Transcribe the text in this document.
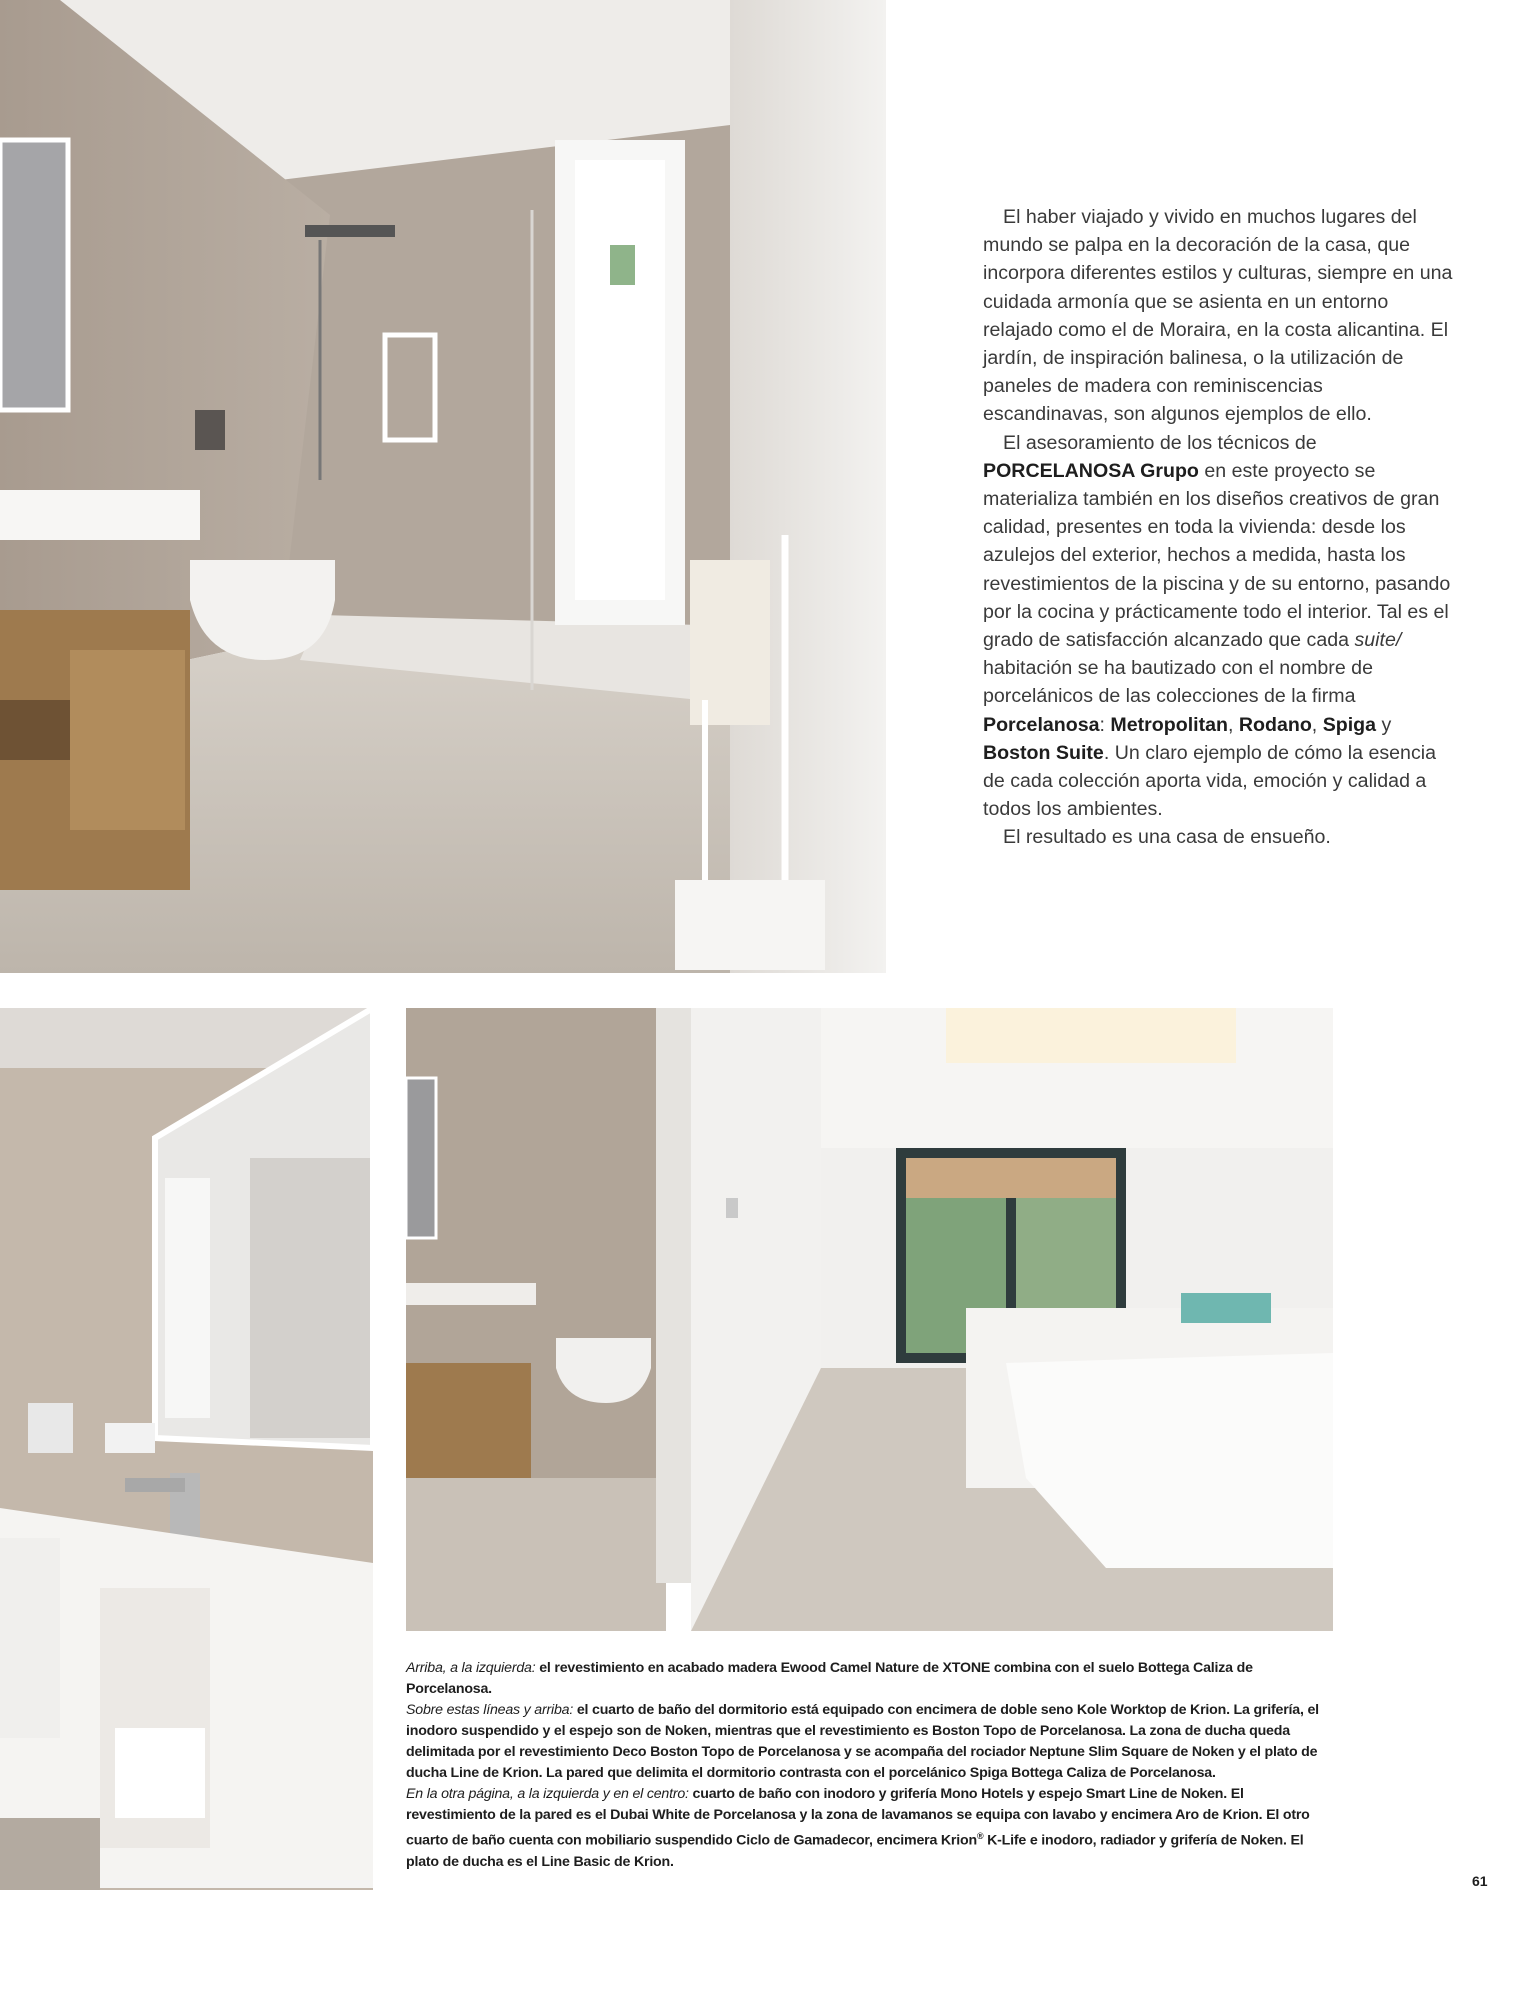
El haber viajado y vivido en muchos lugares del mundo se palpa en la decoración de la casa, que incorpora diferentes estilos y culturas, siempre en una cuidada armonía que se asienta en un entorno relajado como el de Moraira, en la costa alicantina. El jardín, de inspiración balinesa, o la utilización de paneles de madera con reminiscencias escandinavas, son algunos ejemplos de ello.

El asesoramiento de los técnicos de PORCELANOSA Grupo en este proyecto se materializa también en los diseños creativos de gran calidad, presentes en toda la vivienda: desde los azulejos del exterior, hechos a medida, hasta los revestimientos de la piscina y de su entorno, pasando por la cocina y prácticamente todo el interior. Tal es el grado de satisfacción alcanzado que cada suite/ habitación se ha bautizado con el nombre de porcelánicos de las colecciones de la firma Porcelanosa: Metropolitan, Rodano, Spiga y Boston Suite. Un claro ejemplo de cómo la esencia de cada colección aporta vida, emoción y calidad a todos los ambientes.

El resultado es una casa de ensueño.

Arriba, a la izquierda: el revestimiento en acabado madera Ewood Camel Nature de XTONE combina con el suelo Bottega Caliza de Porcelanosa.

Sobre estas líneas y arriba: el cuarto de baño del dormitorio está equipado con encimera de doble seno Kole Worktop de Krion. La grifería, el inodoro suspendido y el espejo son de Noken, mientras que el revestimiento es Boston Topo de Porcelanosa. La zona de ducha queda delimitada por el revestimiento Deco Boston Topo de Porcelanosa y se acompaña del rociador Neptune Slim Square de Noken y el plato de ducha Line de Krion. La pared que delimita el dormitorio contrasta con el porcelánico Spiga Bottega Caliza de Porcelanosa.

En la otra página, a la izquierda y en el centro: cuarto de baño con inodoro y grifería Mono Hotels y espejo Smart Line de Noken. El revestimiento de la pared es el Dubai White de Porcelanosa y la zona de lavamanos se equipa con lavabo y encimera Aro de Krion. El otro cuarto de baño cuenta con mobiliario suspendido Ciclo de Gamadecor, encimera Krion® K-Life e inodoro, radiador y grifería de Noken. El plato de ducha es el Line Basic de Krion.

61
